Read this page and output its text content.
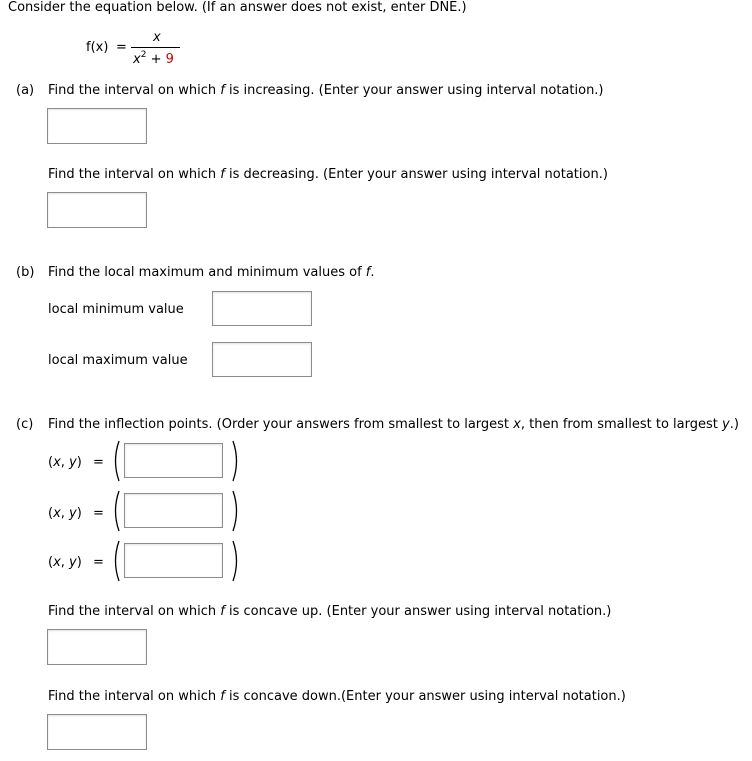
Consider the equation below. (If an answer does not exist, enter DNE.)
f(x) =
x
$x^2 + 9$
(a) Find the interval on which f is increasing. (Enter your answer using interval notation.)
Find the interval on which f is decreasing. (Enter your answer using interval notation.)
(b) Find the local maximum and minimum values of f.
local minimum value
local maximum value
(c) Find the inflection points. (Order your answers from smallest to largest x, then from smallest to largest y.)
(x, y) =
(x, y) =
(x, y) =
Find the interval on which f is concave up. (Enter your answer using interval notation.)
Find the interval on which f is concave down.(Enter your answer using interval notation.)
